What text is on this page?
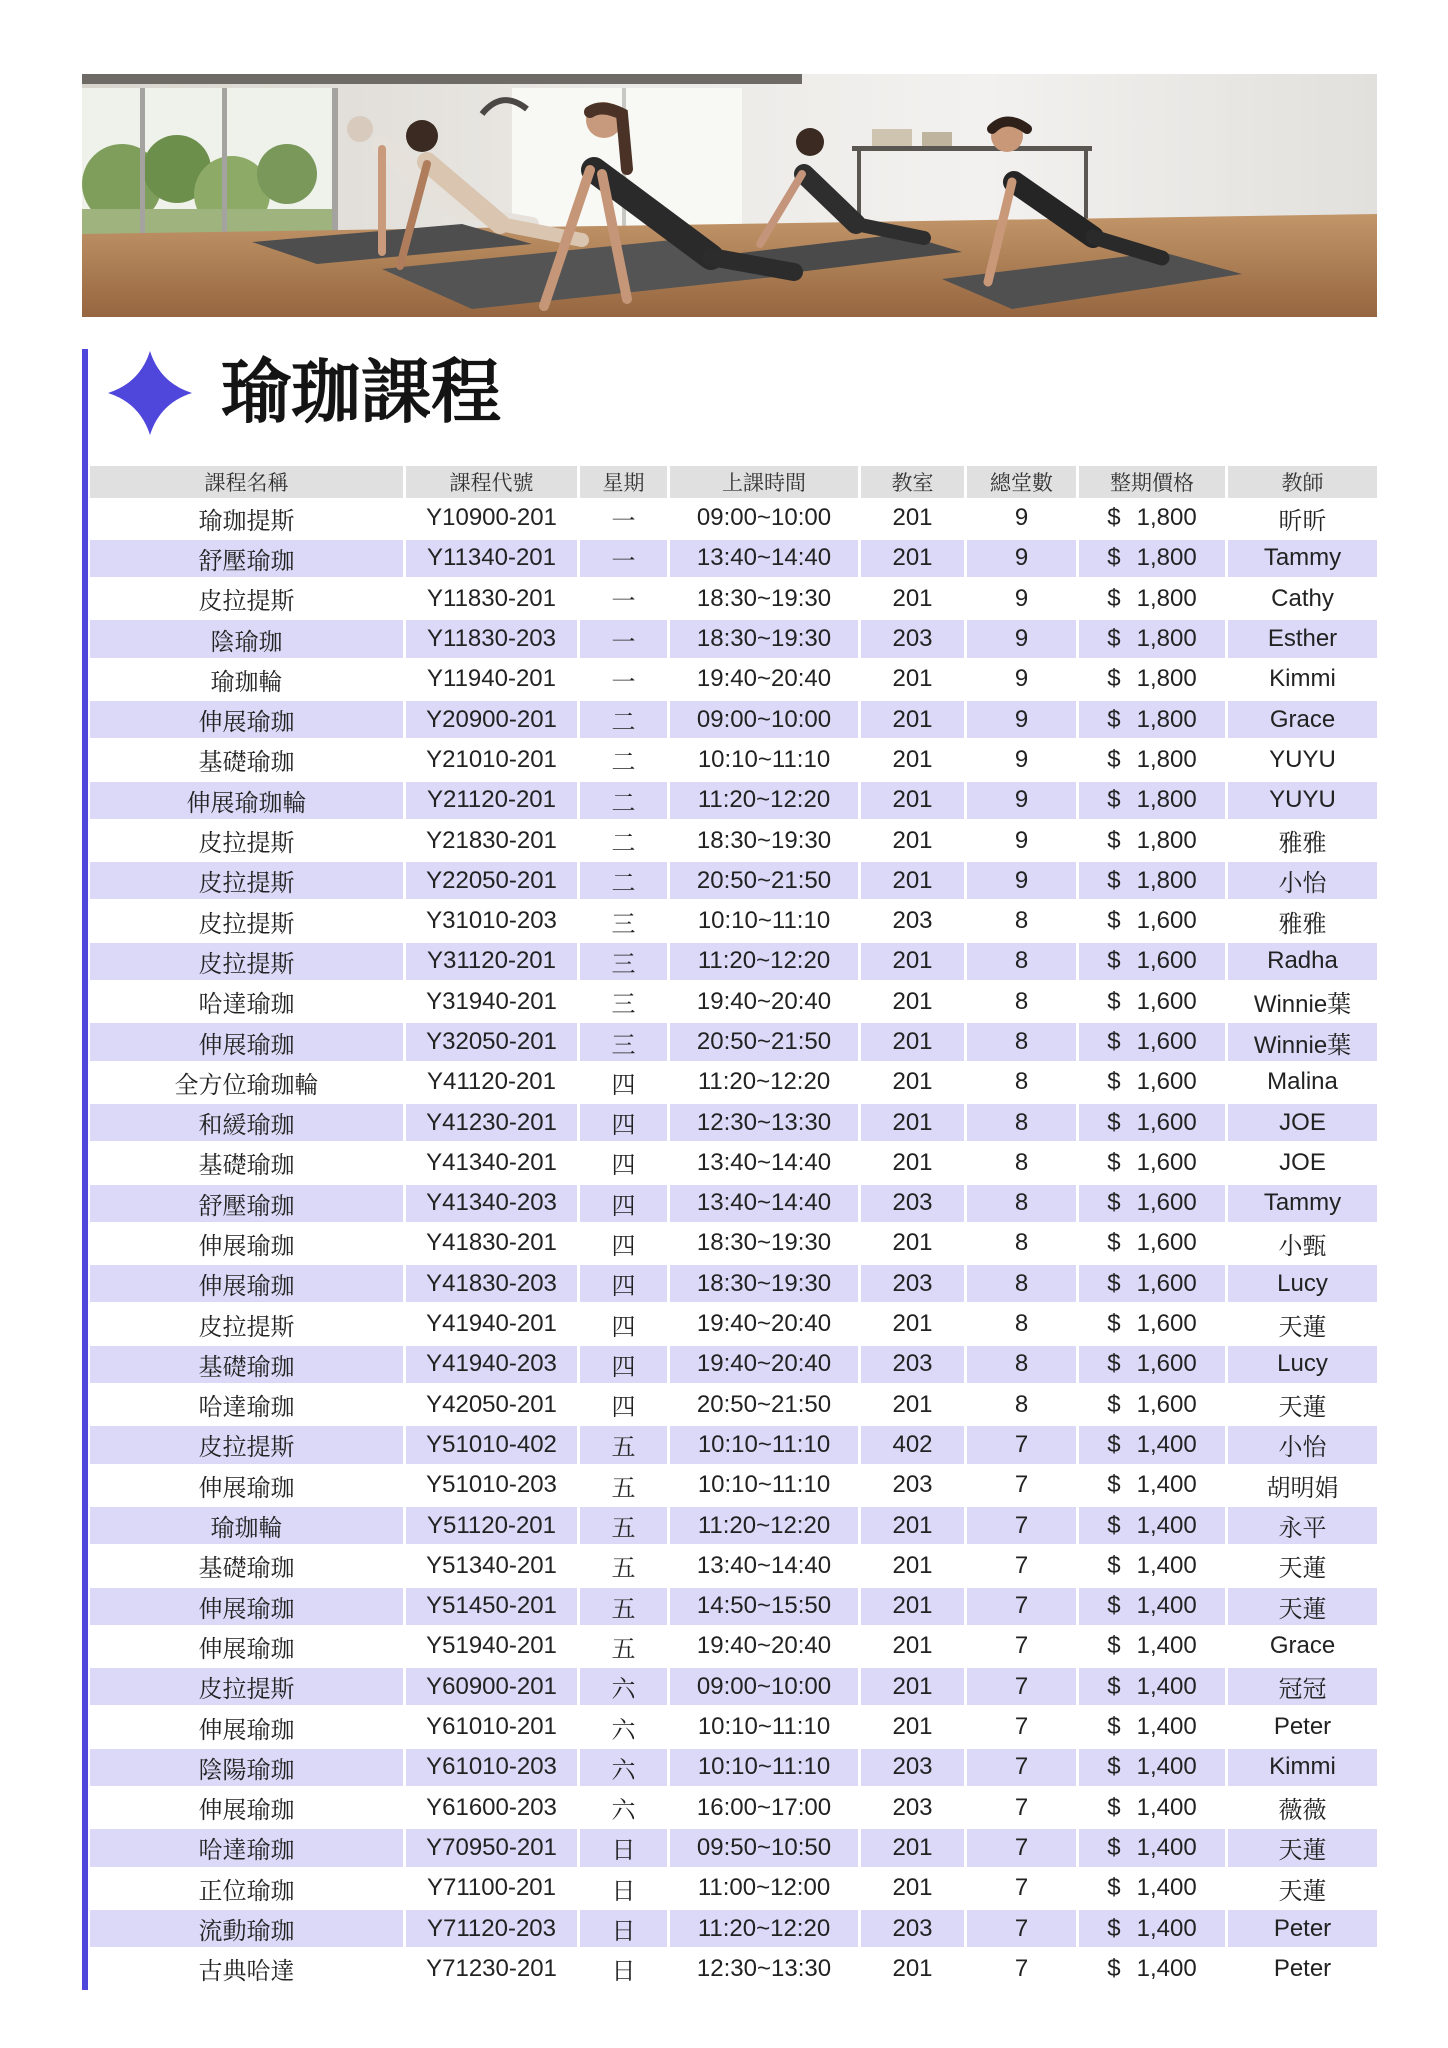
瑜珈課程
課程名稱	課程代號	星期	上課時間	教室	總堂數	整期價格	教師
瑜珈提斯	Y10900-201	一	09:00~10:00	201	9	$ 1,800	昕昕
舒壓瑜珈	Y11340-201	一	13:40~14:40	201	9	$ 1,800	Tammy
皮拉提斯	Y11830-201	一	18:30~19:30	201	9	$ 1,800	Cathy
陰瑜珈	Y11830-203	一	18:30~19:30	203	9	$ 1,800	Esther
瑜珈輪	Y11940-201	一	19:40~20:40	201	9	$ 1,800	Kimmi
伸展瑜珈	Y20900-201	二	09:00~10:00	201	9	$ 1,800	Grace
基礎瑜珈	Y21010-201	二	10:10~11:10	201	9	$ 1,800	YUYU
伸展瑜珈輪	Y21120-201	二	11:20~12:20	201	9	$ 1,800	YUYU
皮拉提斯	Y21830-201	二	18:30~19:30	201	9	$ 1,800	雅雅
皮拉提斯	Y22050-201	二	20:50~21:50	201	9	$ 1,800	小怡
皮拉提斯	Y31010-203	三	10:10~11:10	203	8	$ 1,600	雅雅
皮拉提斯	Y31120-201	三	11:20~12:20	201	8	$ 1,600	Radha
哈達瑜珈	Y31940-201	三	19:40~20:40	201	8	$ 1,600	Winnie葉
伸展瑜珈	Y32050-201	三	20:50~21:50	201	8	$ 1,600	Winnie葉
全方位瑜珈輪	Y41120-201	四	11:20~12:20	201	8	$ 1,600	Malina
和緩瑜珈	Y41230-201	四	12:30~13:30	201	8	$ 1,600	JOE
基礎瑜珈	Y41340-201	四	13:40~14:40	201	8	$ 1,600	JOE
舒壓瑜珈	Y41340-203	四	13:40~14:40	203	8	$ 1,600	Tammy
伸展瑜珈	Y41830-201	四	18:30~19:30	201	8	$ 1,600	小甄
伸展瑜珈	Y41830-203	四	18:30~19:30	203	8	$ 1,600	Lucy
皮拉提斯	Y41940-201	四	19:40~20:40	201	8	$ 1,600	天蓮
基礎瑜珈	Y41940-203	四	19:40~20:40	203	8	$ 1,600	Lucy
哈達瑜珈	Y42050-201	四	20:50~21:50	201	8	$ 1,600	天蓮
皮拉提斯	Y51010-402	五	10:10~11:10	402	7	$ 1,400	小怡
伸展瑜珈	Y51010-203	五	10:10~11:10	203	7	$ 1,400	胡明娟
瑜珈輪	Y51120-201	五	11:20~12:20	201	7	$ 1,400	永平
基礎瑜珈	Y51340-201	五	13:40~14:40	201	7	$ 1,400	天蓮
伸展瑜珈	Y51450-201	五	14:50~15:50	201	7	$ 1,400	天蓮
伸展瑜珈	Y51940-201	五	19:40~20:40	201	7	$ 1,400	Grace
皮拉提斯	Y60900-201	六	09:00~10:00	201	7	$ 1,400	冠冠
伸展瑜珈	Y61010-201	六	10:10~11:10	201	7	$ 1,400	Peter
陰陽瑜珈	Y61010-203	六	10:10~11:10	203	7	$ 1,400	Kimmi
伸展瑜珈	Y61600-203	六	16:00~17:00	203	7	$ 1,400	薇薇
哈達瑜珈	Y70950-201	日	09:50~10:50	201	7	$ 1,400	天蓮
正位瑜珈	Y71100-201	日	11:00~12:00	201	7	$ 1,400	天蓮
流動瑜珈	Y71120-203	日	11:20~12:20	203	7	$ 1,400	Peter
古典哈達	Y71230-201	日	12:30~13:30	201	7	$ 1,400	Peter
